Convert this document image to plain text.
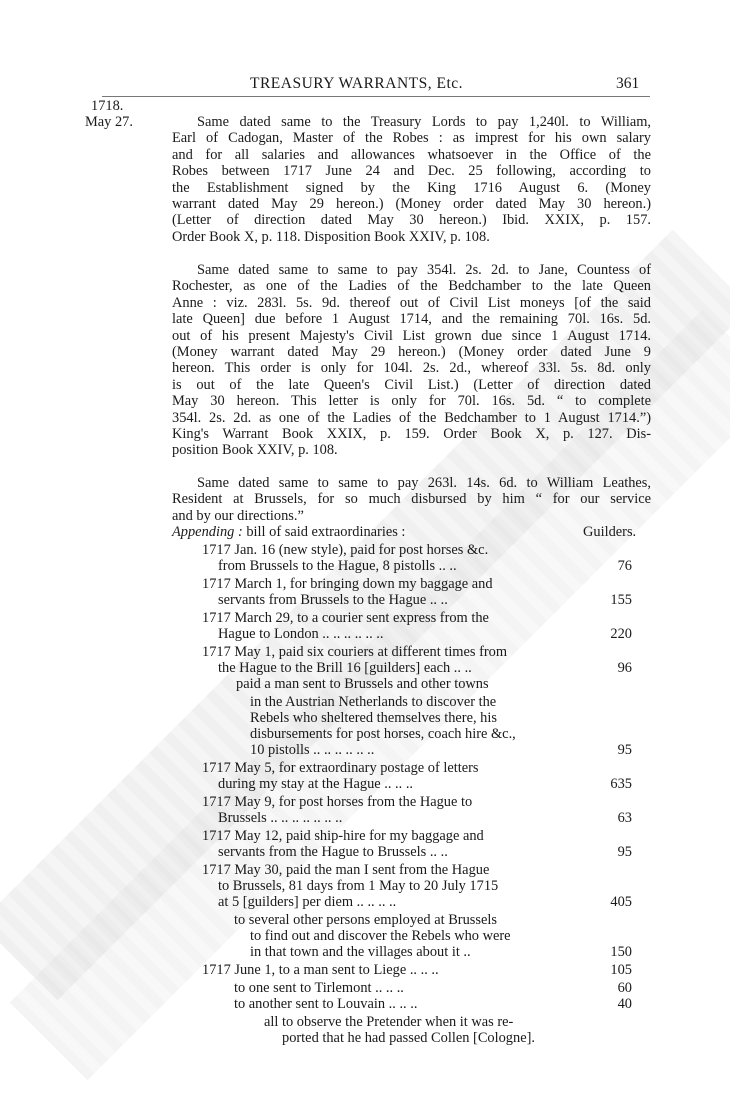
TREASURY WARRANTS, Etc.	361
1718.
May 27.	Same dated same to the Treasury Lords to pay 1,240l. to William,
Earl of Cadogan, Master of the Robes : as imprest for his own salary
and for all salaries and allowances whatsoever in the Office of the
Robes between 1717 June 24 and Dec. 25 following, according to
the Establishment signed by the King 1716 August 6. (Money
warrant dated May 29 hereon.) (Money order dated May 30 hereon.)
(Letter of direction dated May 30 hereon.) Ibid. XXIX, p. 157.
Order Book X, p. 118. Disposition Book XXIV, p. 108.
Same dated same to same to pay 354l. 2s. 2d. to Jane, Countess of
Rochester, as one of the Ladies of the Bedchamber to the late Queen
Anne : viz. 283l. 5s. 9d. thereof out of Civil List moneys [of the said
late Queen] due before 1 August 1714, and the remaining 70l. 16s. 5d.
out of his present Majesty's Civil List grown due since 1 August 1714.
(Money warrant dated May 29 hereon.) (Money order dated June 9
hereon. This order is only for 104l. 2s. 2d., whereof 33l. 5s. 8d. only
is out of the late Queen's Civil List.) (Letter of direction dated
May 30 hereon. This letter is only for 70l. 16s. 5d. “ to complete
354l. 2s. 2d. as one of the Ladies of the Bedchamber to 1 August 1714.”)
King's Warrant Book XXIX, p. 159. Order Book X, p. 127. Dis-
position Book XXIV, p. 108.
Same dated same to same to pay 263l. 14s. 6d. to William Leathes,
Resident at Brussels, for so much disbursed by him “ for our service
and by our directions.”
Appending : bill of said extraordinaries :	Guilders.
1717 Jan. 16 (new style), paid for post horses &c.
from Brussels to the Hague, 8 pistolls .. ..	76
1717 March 1, for bringing down my baggage and
servants from Brussels to the Hague .. ..	155
1717 March 29, to a courier sent express from the
Hague to London .. .. .. .. .. ..	220
1717 May 1, paid six couriers at different times from
the Hague to the Brill 16 [guilders] each .. ..	96
paid a man sent to Brussels and other towns
in the Austrian Netherlands to discover the
Rebels who sheltered themselves there, his
disbursements for post horses, coach hire &c.,
10 pistolls .. .. .. .. .. ..	95
1717 May 5, for extraordinary postage of letters
during my stay at the Hague .. .. ..	635
1717 May 9, for post horses from the Hague to
Brussels .. .. .. .. .. .. ..	63
1717 May 12, paid ship-hire for my baggage and
servants from the Hague to Brussels .. ..	95
1717 May 30, paid the man I sent from the Hague
to Brussels, 81 days from 1 May to 20 July 1715
at 5 [guilders] per diem .. .. .. ..	405
to several other persons employed at Brussels
to find out and discover the Rebels who were
in that town and the villages about it ..	150
1717 June 1, to a man sent to Liege .. .. ..	105
to one sent to Tirlemont .. .. ..	60
to another sent to Louvain .. .. ..	40
all to observe the Pretender when it was re-
ported that he had passed Collen [Cologne].
